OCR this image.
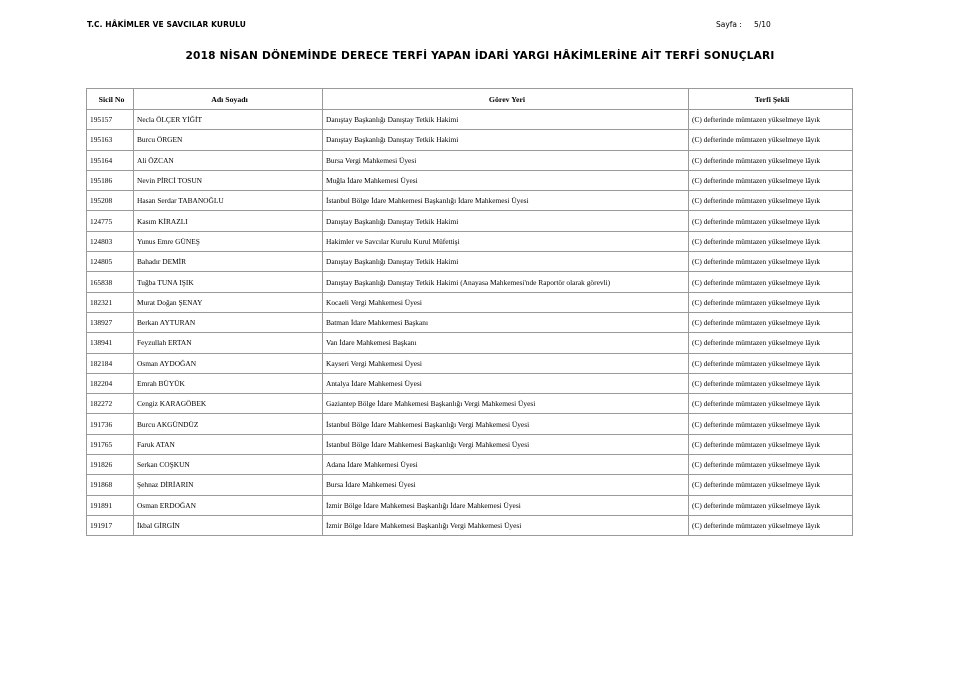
T.C. HÂKİMLER VE SAVCILAR KURULU	Sayfa : 5/10
2018 NİSAN DÖNEMİNDE DERECE TERFİ YAPAN İDARİ YARGI HÂKİMLERİNE AİT TERFİ SONUÇLARI
Sicil No	Adı Soyadı	Görev Yeri	Terfi Şekli
195157	Necla ÖLÇER YİĞİT	Danıştay Başkanlığı Danıştay Tetkik Hakimi	(C) defterinde mümtazen yükselmeye lâyık
195163	Burcu ÖRGEN	Danıştay Başkanlığı Danıştay Tetkik Hakimi	(C) defterinde mümtazen yükselmeye lâyık
195164	Ali ÖZCAN	Bursa Vergi Mahkemesi Üyesi	(C) defterinde mümtazen yükselmeye lâyık
195186	Nevin PİRCİ TOSUN	Muğla İdare Mahkemesi Üyesi	(C) defterinde mümtazen yükselmeye lâyık
195208	Hasan Serdar TABANOĞLU	İstanbul Bölge İdare Mahkemesi Başkanlığı İdare Mahkemesi Üyesi	(C) defterinde mümtazen yükselmeye lâyık
124775	Kasım KİRAZLI	Danıştay Başkanlığı Danıştay Tetkik Hakimi	(C) defterinde mümtazen yükselmeye lâyık
124803	Yunus Emre GÜNEŞ	Hakimler ve Savcılar Kurulu Kurul Müfettişi	(C) defterinde mümtazen yükselmeye lâyık
124805	Bahadır DEMİR	Danıştay Başkanlığı Danıştay Tetkik Hakimi	(C) defterinde mümtazen yükselmeye lâyık
165838	Tuğba TUNA IŞIK	Danıştay Başkanlığı Danıştay Tetkik Hakimi (Anayasa Mahkemesi'nde Raportör olarak görevli)	(C) defterinde mümtazen yükselmeye lâyık
182321	Murat Doğan ŞENAY	Kocaeli Vergi Mahkemesi Üyesi	(C) defterinde mümtazen yükselmeye lâyık
138927	Berkan AYTURAN	Batman İdare Mahkemesi Başkanı	(C) defterinde mümtazen yükselmeye lâyık
138941	Feyzullah ERTAN	Van İdare Mahkemesi Başkanı	(C) defterinde mümtazen yükselmeye lâyık
182184	Osman AYDOĞAN	Kayseri Vergi Mahkemesi Üyesi	(C) defterinde mümtazen yükselmeye lâyık
182204	Emrah BÜYÜK	Antalya İdare Mahkemesi Üyesi	(C) defterinde mümtazen yükselmeye lâyık
182272	Cengiz KARAGÖBEK	Gaziantep Bölge İdare Mahkemesi Başkanlığı Vergi Mahkemesi Üyesi	(C) defterinde mümtazen yükselmeye lâyık
191736	Burcu AKGÜNDÜZ	İstanbul Bölge İdare Mahkemesi Başkanlığı Vergi Mahkemesi Üyesi	(C) defterinde mümtazen yükselmeye lâyık
191765	Faruk ATAN	İstanbul Bölge İdare Mahkemesi Başkanlığı Vergi Mahkemesi Üyesi	(C) defterinde mümtazen yükselmeye lâyık
191826	Serkan COŞKUN	Adana İdare Mahkemesi Üyesi	(C) defterinde mümtazen yükselmeye lâyık
191868	Şehnaz DİRİARIN	Bursa İdare Mahkemesi Üyesi	(C) defterinde mümtazen yükselmeye lâyık
191891	Osman ERDOĞAN	İzmir Bölge İdare Mahkemesi Başkanlığı İdare Mahkemesi Üyesi	(C) defterinde mümtazen yükselmeye lâyık
191917	İkbal GİRGİN	İzmir Bölge İdare Mahkemesi Başkanlığı Vergi Mahkemesi Üyesi	(C) defterinde mümtazen yükselmeye lâyık
